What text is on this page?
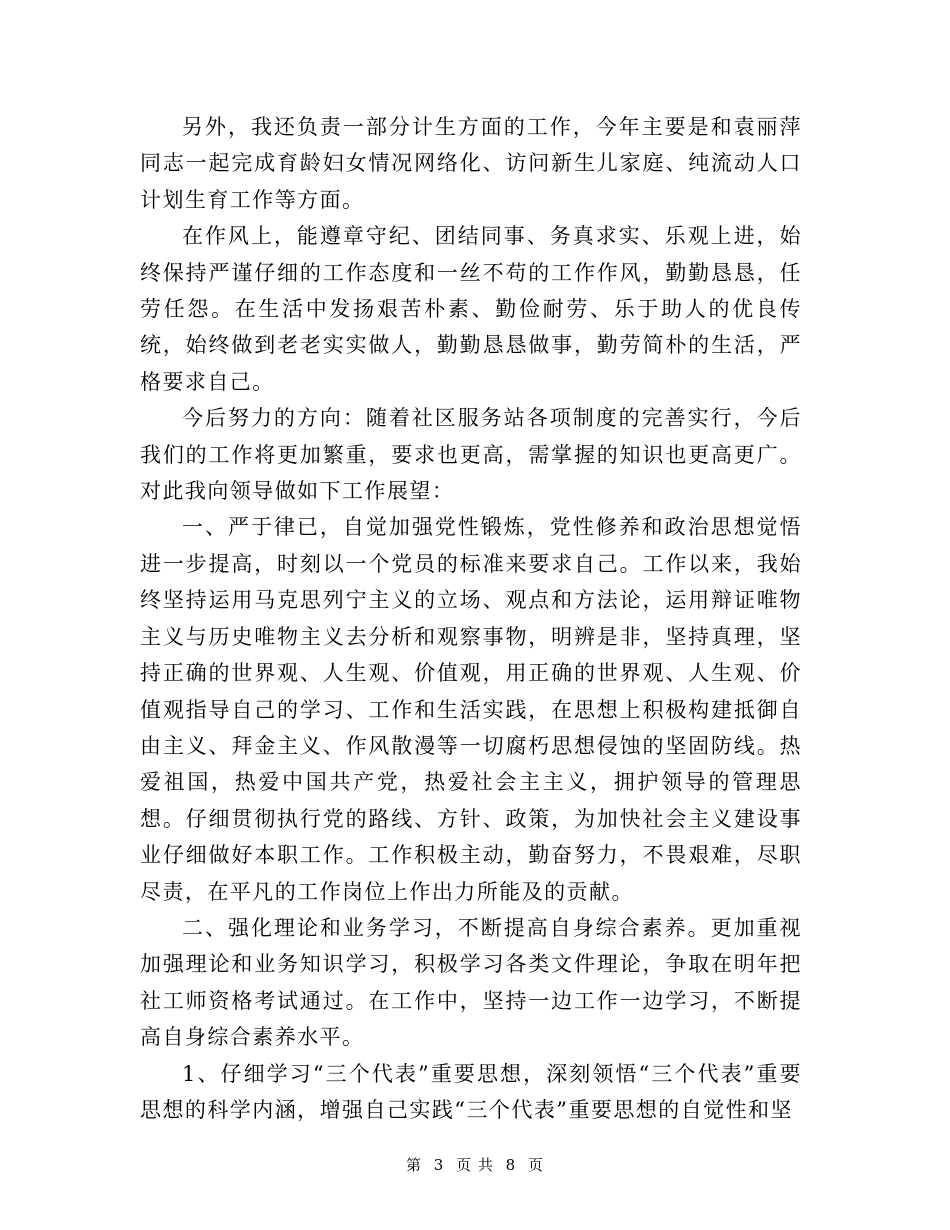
另外，我还负责一部分计生方面的工作，今年主要是和袁丽萍同志一起完成育龄妇女情况网络化、访问新生儿家庭、纯流动人口计划生育工作等方面。

在作风上，能遵章守纪、团结同事、务真求实、乐观上进，始终保持严谨仔细的工作态度和一丝不苟的工作作风，勤勤恳恳，任劳任怨。在生活中发扬艰苦朴素、勤俭耐劳、乐于助人的优良传统，始终做到老老实实做人，勤勤恳恳做事，勤劳简朴的生活，严格要求自己。

今后努力的方向：随着社区服务站各项制度的完善实行，今后我们的工作将更加繁重，要求也更高，需掌握的知识也更高更广。对此我向领导做如下工作展望：

一、严于律已，自觉加强党性锻炼，党性修养和政治思想觉悟进一步提高，时刻以一个党员的标准来要求自己。工作以来，我始终坚持运用马克思列宁主义的立场、观点和方法论，运用辩证唯物主义与历史唯物主义去分析和观察事物，明辨是非，坚持真理，坚持正确的世界观、人生观、价值观，用正确的世界观、人生观、价值观指导自己的学习、工作和生活实践，在思想上积极构建抵御自由主义、拜金主义、作风散漫等一切腐朽思想侵蚀的坚固防线。热爱祖国，热爱中国共产党，热爱社会主主义，拥护领导的管理思想。仔细贯彻执行党的路线、方针、政策，为加快社会主义建设事业仔细做好本职工作。工作积极主动，勤奋努力，不畏艰难，尽职尽责，在平凡的工作岗位上作出力所能及的贡献。

二、强化理论和业务学习，不断提高自身综合素养。更加重视加强理论和业务知识学习，积极学习各类文件理论，争取在明年把社工师资格考试通过。在工作中，坚持一边工作一边学习，不断提高自身综合素养水平。

1、仔细学习“三个代表”重要思想，深刻领悟“三个代表”重要思想的科学内涵，增强自己实践“三个代表”重要思想的自觉性和坚

第 3 页 共 8 页
